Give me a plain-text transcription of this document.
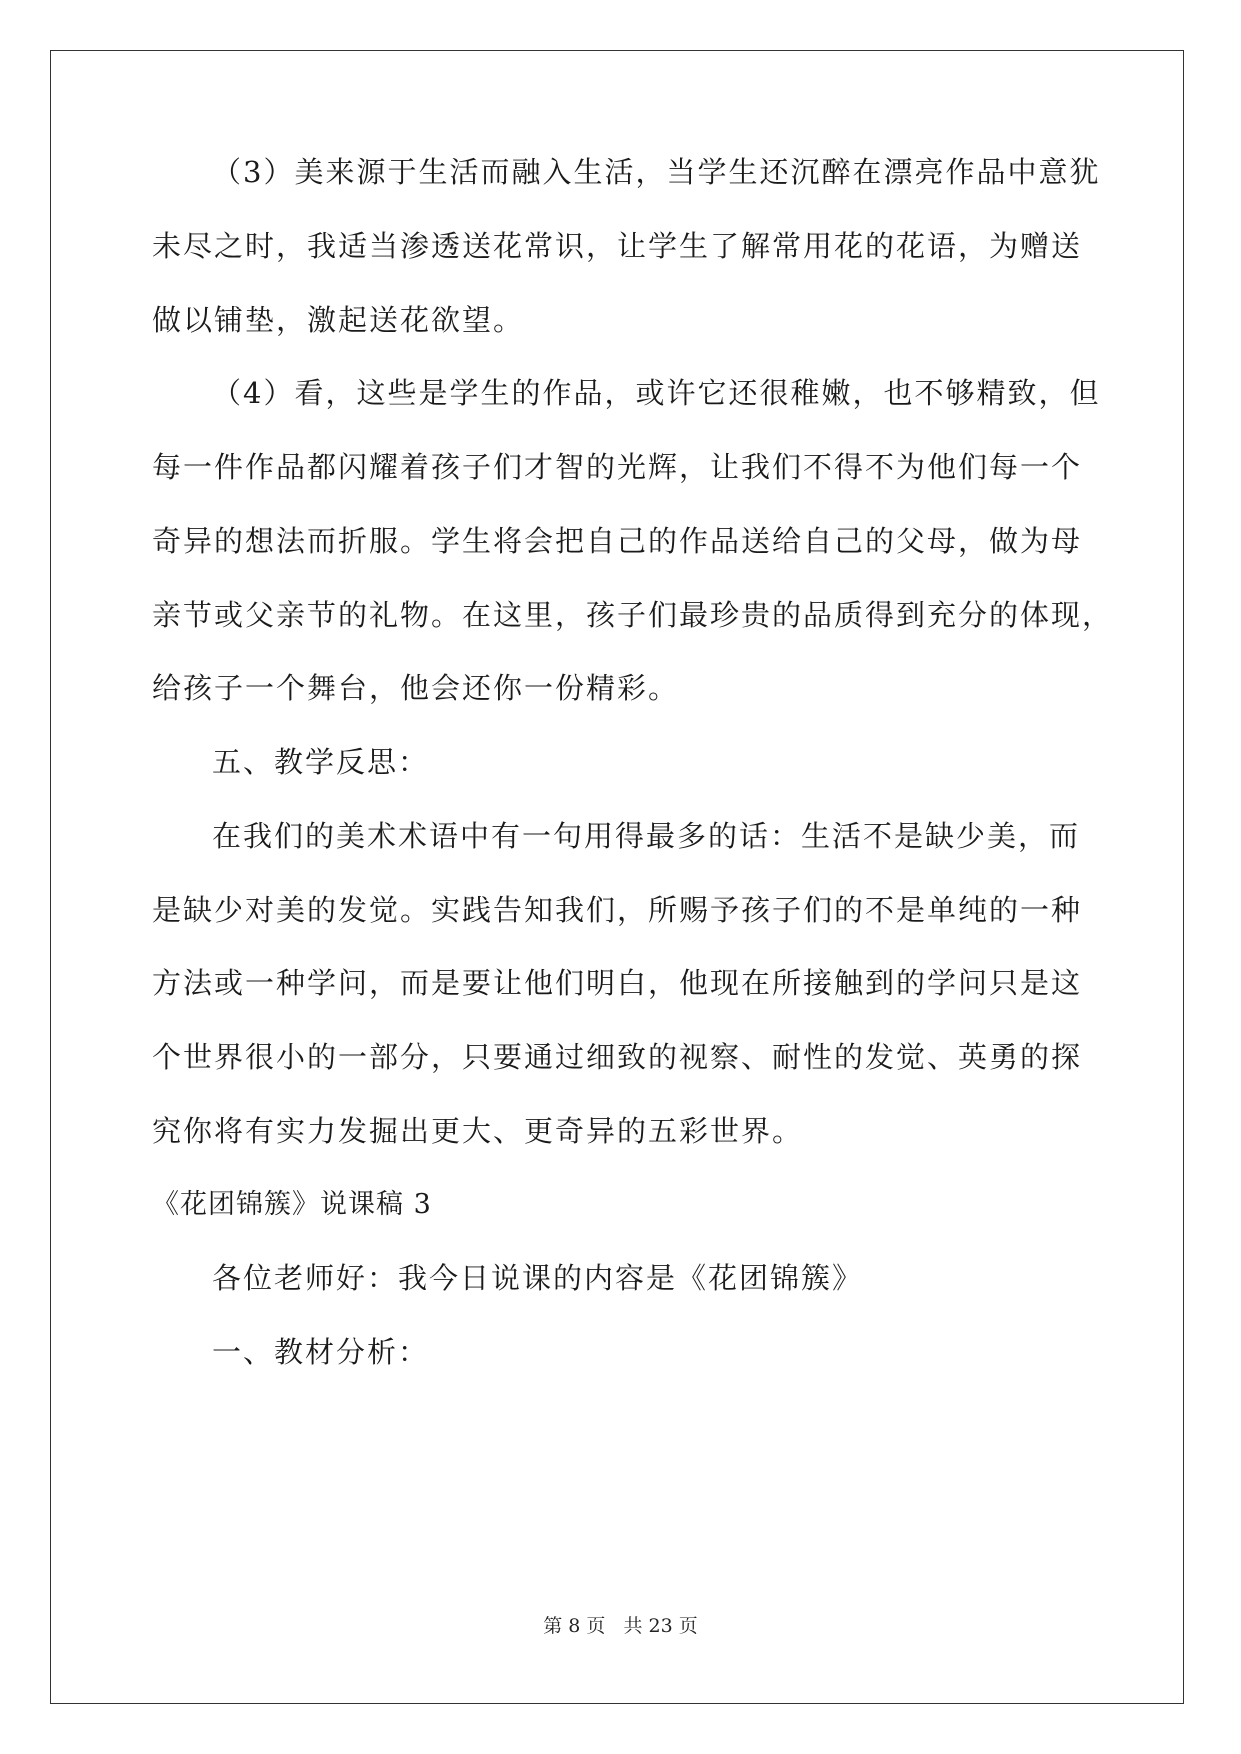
（3）美来源于生活而融入生活，当学生还沉醉在漂亮作品中意犹
未尽之时，我适当渗透送花常识，让学生了解常用花的花语，为赠送
做以铺垫，激起送花欲望。
（4）看，这些是学生的作品，或许它还很稚嫩，也不够精致，但
每一件作品都闪耀着孩子们才智的光辉，让我们不得不为他们每一个
奇异的想法而折服。学生将会把自己的作品送给自己的父母，做为母
亲节或父亲节的礼物。在这里，孩子们最珍贵的品质得到充分的体现，
给孩子一个舞台，他会还你一份精彩。
五、教学反思：
在我们的美术术语中有一句用得最多的话：生活不是缺少美，而
是缺少对美的发觉。实践告知我们，所赐予孩子们的不是单纯的一种
方法或一种学问，而是要让他们明白，他现在所接触到的学问只是这
个世界很小的一部分，只要通过细致的视察、耐性的发觉、英勇的探
究你将有实力发掘出更大、更奇异的五彩世界。
《花团锦簇》说课稿 3
各位老师好：我今日说课的内容是《花团锦簇》
一、教材分析：
第 8 页 共 23 页
